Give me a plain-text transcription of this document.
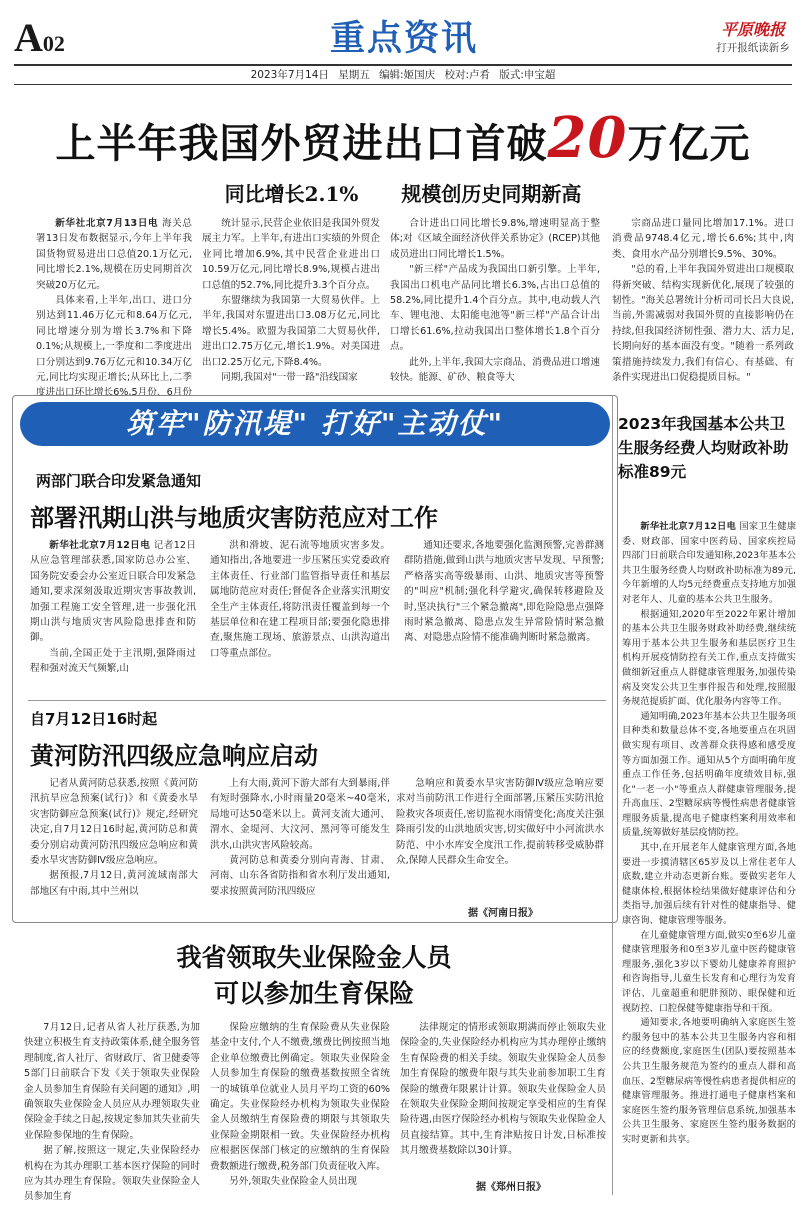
A02	重点资讯	平原晚报
打开报纸读新乡
2023年7月14日 星期五 编辑:姬国庆 校对:卢肴 版式:申宝超
上半年我国外贸进出口首破20万亿元
同比增长2.1% 规模创历史同期新高

新华社北京7月13日电 海关总署13日发布数据显示,今年上半年我国货物贸易进出口总值20.1万亿元,同比增长2.1%,规模在历史同期首次突破20万亿元。

具体来看,上半年,出口、进口分别达到11.46万亿元和8.64万亿元,同比增速分别为增长3.7%和下降0.1%;从规模上,一季度和二季度进出口分别达到9.76万亿元和10.34万亿元,同比均实现正增长;从环比上,二季度进出口环比增长6%,5月份、6月份

统计显示,民营企业依旧是我国外贸发展主力军。上半年,有进出口实绩的外贸企业同比增加6.9%,其中民营企业进出口10.59万亿元,同比增长8.9%,规模占进出口总值的52.7%,同比提升3.3个百分点。

东盟继续为我国第一大贸易伙伴。上半年,我国对东盟进出口3.08万亿元,同比增长5.4%。欧盟为我国第二大贸易伙伴,进出口2.75万亿元,增长1.9%。对美国进出口2.25万亿元,下降8.4%。

同期,我国对"一带一路"沿线国家

合计进出口同比增长9.8%,增速明显高于整体;对《区域全面经济伙伴关系协定》(RCEP)其他成员进出口同比增长1.5%。

"新三样"产品成为我国出口新引擎。上半年,我国出口机电产品同比增长6.3%,占出口总值的58.2%,同比提升1.4个百分点。其中,电动载人汽车、锂电池、太阳能电池等"新三样"产品合计出口增长61.6%,拉动我国出口整体增长1.8个百分点。

此外,上半年,我国大宗商品、消费品进口增速较快。能源、矿砂、粮食等大

宗商品进口量同比增加17.1%。进口消费品9748.4亿元,增长6.6%;其中,肉类、食用水产品分别增长9.5%、30%。

"总的看,上半年我国外贸进出口规模取得新突破、结构实现新优化,展现了较强的韧性。"海关总署统计分析司司长吕大良说,当前,外需减弱对我国外贸的直接影响仍在持续,但我国经济韧性强、潜力大、活力足,长期向好的基本面没有变。"随着一系列政策措施持续发力,我们有信心、有基础、有条件实现进出口促稳提质目标。"

筑牢"防汛堤" 打好"主动仗"
两部门联合印发紧急通知
部署汛期山洪与地质灾害防范应对工作

新华社北京7月12日电 记者12日从应急管理部获悉,国家防总办公室、国务院安委会办公室近日联合印发紧急通知,要求深刻汲取近期灾害事故教训,加强工程施工安全管理,进一步强化汛期山洪与地质灾害风险隐患排查和防御。

当前,全国正处于主汛期,强降雨过程和强对流天气频繁,山

洪和滑坡、泥石流等地质灾害多发。通知指出,各地要进一步压紧压实党委政府主体责任、行业部门监管指导责任和基层属地防范应对责任;督促各企业落实汛期安全生产主体责任,将防汛责任覆盖到每一个基层单位和在建工程项目部;要强化隐患排查,聚焦施工现场、旅游景点、山洪沟道出口等重点部位。

通知还要求,各地要强化监测预警,完善群测群防措施,做到山洪与地质灾害早发现、早预警;严格落实高等级暴雨、山洪、地质灾害等预警的"叫应"机制;强化科学避灾,确保转移避险及时,坚决执行"三个紧急撤离",即危险隐患点强降雨时紧急撤离、隐患点发生异常险情时紧急撤离、对隐患点险情不能准确判断时紧急撤离。

自7月12日16时起
黄河防汛四级应急响应启动

记者从黄河防总获悉,按照《黄河防汛抗旱应急预案(试行)》和《黄委水旱灾害防御应急预案(试行)》规定,经研究决定,自7月12日16时起,黄河防总和黄委分别启动黄河防汛四级应急响应和黄委水旱灾害防御Ⅳ级应急响应。

据预报,7月12日,黄河流域南部大部地区有中雨,其中兰州以

上有大雨,黄河下游大部有大到暴雨,伴有短时强降水,小时雨量20毫米~40毫米,局地可达50毫米以上。黄河支流大通河、渭水、金堤河、大汶河、黑河等可能发生洪水,山洪灾害风险较高。

黄河防总和黄委分别向青海、甘肃、河南、山东各省防指和省水利厅发出通知,要求按照黄河防汛四级应

急响应和黄委水旱灾害防御Ⅳ级应急响应要求对当前防汛工作进行全面部署,压紧压实防汛抢险救灾各项责任,密切监视水雨情变化;高度关注强降雨引发的山洪地质灾害,切实做好中小河流洪水防范、中小水库安全度汛工作,提前转移受威胁群众,保障人民群众生命安全。

据《河南日报》
我省领取失业保险金人员
可以参加生育保险

7月12日,记者从省人社厅获悉,为加快建立积极生育支持政策体系,健全服务管理制度,省人社厅、省财政厅、省卫健委等5部门日前联合下发《关于领取失业保险金人员参加生育保险有关问题的通知》,明确领取失业保险金人员应从办理领取失业保险金手续之日起,按规定参加其失业前失业保险参保地的生育保险。

据了解,按照这一规定,失业保险经办机构在为其办理职工基本医疗保险的同时应为其办理生育保险。领取失业保险金人员参加生育

保险应缴纳的生育保险费从失业保险基金中支付,个人不缴费,缴费比例按照当地企业单位缴费比例确定。领取失业保险金人员参加生育保险的缴费基数按照全省统一的城镇单位就业人员月平均工资的60%确定。失业保险经办机构为领取失业保险金人员缴纳生育保险费的期限与其领取失业保险金期限相一致。失业保险经办机构应根据医保部门核定的应缴纳的生育保险费数额进行缴费,税务部门负责征收入库。

另外,领取失业保险金人员出现

法律规定的情形或领取期满而停止领取失业保险金的,失业保险经办机构应为其办理停止缴纳生育保险费的相关手续。领取失业保险金人员参加生育保险的缴费年限与其失业前参加职工生育保险的缴费年限累计计算。领取失业保险金人员在领取失业保险金期间按规定享受相应的生育保险待遇,由医疗保险经办机构与领取失业保险金人员直接结算。其中,生育津贴按日计发,日标准按其月缴费基数除以30计算。

据《郑州日报》
2023年我国基本公共卫生服务经费人均财政补助标准89元

新华社北京7月12日电 国家卫生健康委、财政部、国家中医药局、国家疾控局四部门日前联合印发通知称,2023年基本公共卫生服务经费人均财政补助标准为89元,今年新增的人均5元经费重点支持地方加强对老年人、儿童的基本公共卫生服务。

根据通知,2020年至2022年累计增加的基本公共卫生服务财政补助经费,继续统筹用于基本公共卫生服务和基层医疗卫生机构开展疫情防控有关工作,重点支持做实做细新冠重点人群健康管理服务,加强传染病及突发公共卫生事件报告和处理,按照服务规范提质扩面、优化服务内容等工作。

通知明确,2023年基本公共卫生服务项目种类和数量总体不变,各地要重点在巩固做实现有项目、改善群众获得感和感受度等方面加强工作。通知从5个方面明确年度重点工作任务,包括明确年度绩效目标,强化"一老一小"等重点人群健康管理服务,提升高血压、2型糖尿病等慢性病患者健康管理服务质量,提高电子健康档案利用效率和质量,统筹做好基层疫情防控。

其中,在开展老年人健康管理方面,各地要进一步摸清辖区65岁及以上常住老年人底数,建立并动态更新台账。要做实老年人健康体检,根据体检结果做好健康评估和分类指导,加强后续有针对性的健康指导、健康咨询、健康管理等服务。

在儿童健康管理方面,做实0至6岁儿童健康管理服务和0至3岁儿童中医药健康管理服务,强化3岁以下婴幼儿健康养育照护和咨询指导,儿童生长发育和心理行为发育评估、儿童超重和肥胖预防、眼保健和近视防控、口腔保健等健康指导和干预。

通知要求,各地要明确纳入家庭医生签约服务包中的基本公共卫生服务内容和相应的经费额度,家庭医生(团队)要按照基本公共卫生服务规范为签约的重点人群和高血压、2型糖尿病等慢性病患者提供相应的健康管理服务。推进打通电子健康档案和家庭医生签约服务管理信息系统,加强基本公共卫生服务、家庭医生签约服务数据的实时更新和共享。
